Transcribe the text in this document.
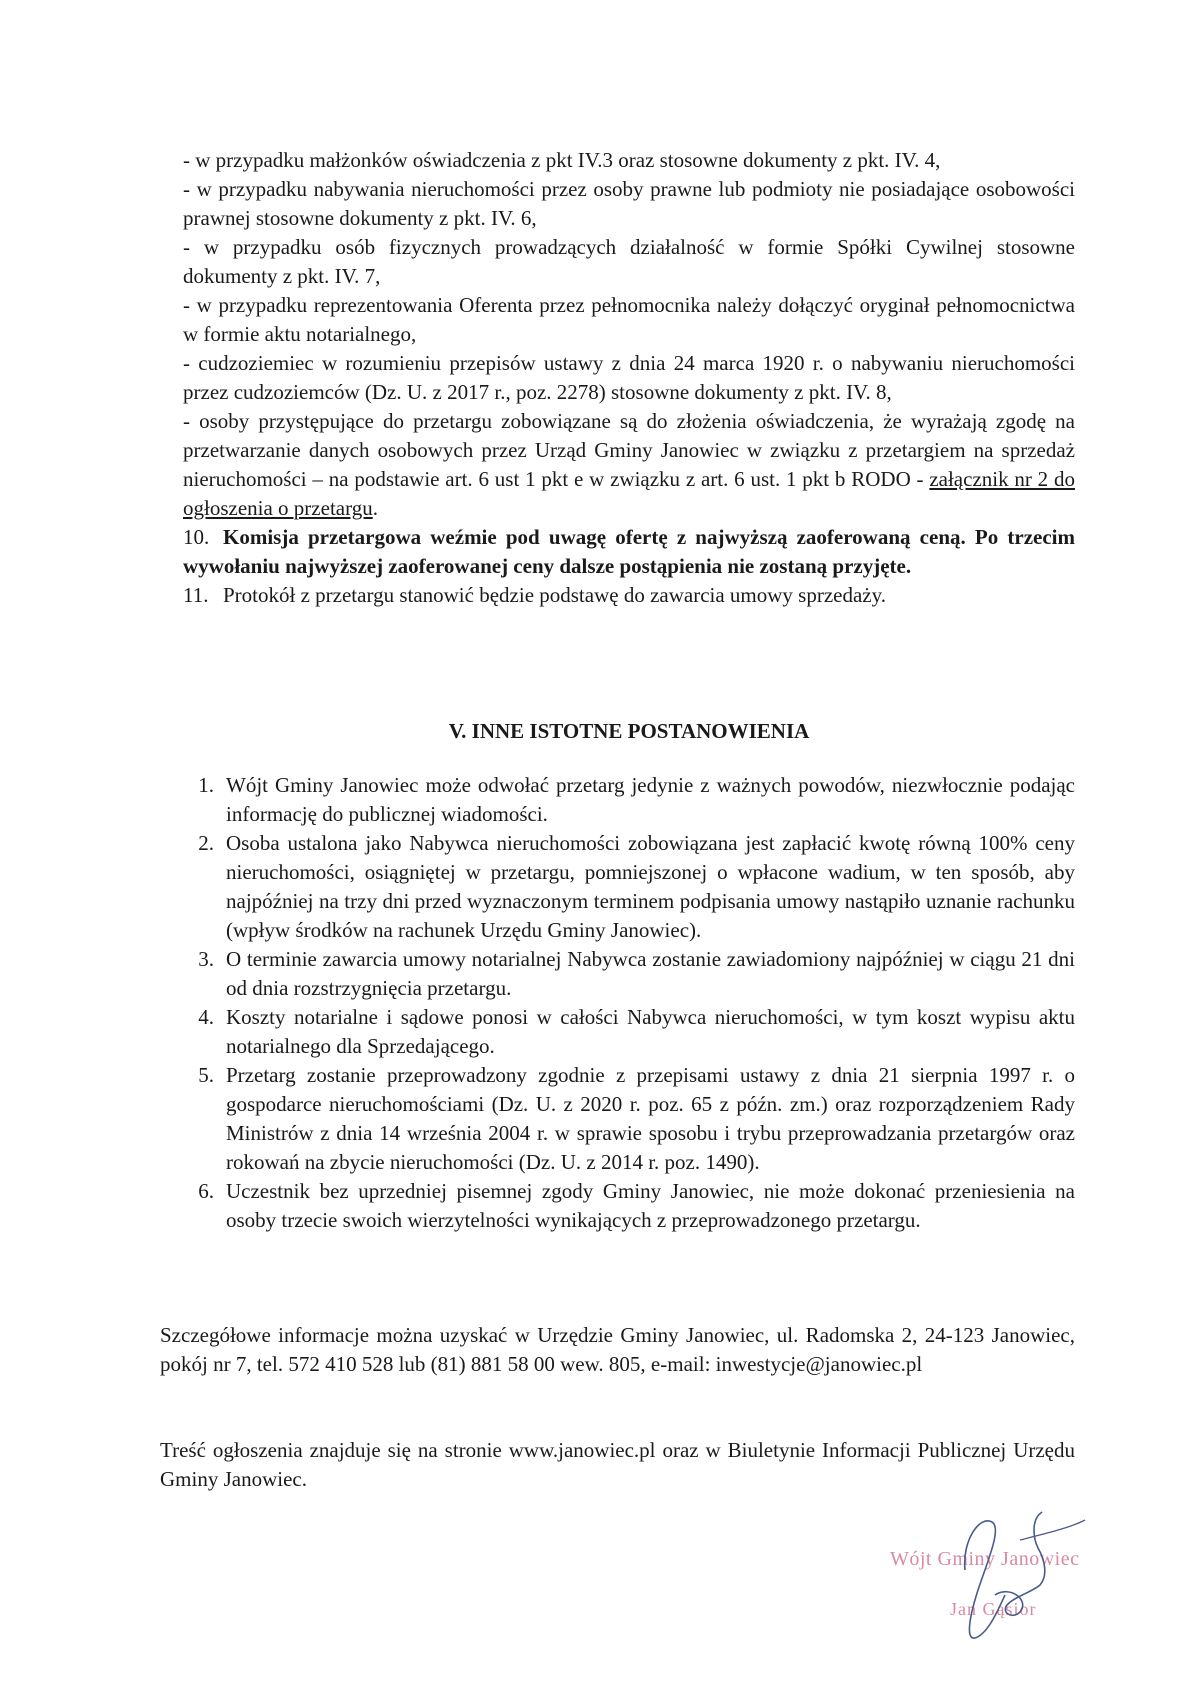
- w przypadku małżonków oświadczenia z pkt IV.3 oraz stosowne dokumenty z pkt. IV. 4,

- w przypadku nabywania nieruchomości przez osoby prawne lub podmioty nie posiadające osobowości prawnej stosowne dokumenty z pkt. IV. 6,

- w przypadku osób fizycznych prowadzących działalność w formie Spółki Cywilnej stosowne dokumenty z pkt. IV. 7,

- w przypadku reprezentowania Oferenta przez pełnomocnika należy dołączyć oryginał pełnomocnictwa w formie aktu notarialnego,

- cudzoziemiec w rozumieniu przepisów ustawy z dnia 24 marca 1920 r. o nabywaniu nieruchomości przez cudzoziemców (Dz. U. z 2017 r., poz. 2278) stosowne dokumenty z pkt. IV. 8,

- osoby przystępujące do przetargu zobowiązane są do złożenia oświadczenia, że wyrażają zgodę na przetwarzanie danych osobowych przez Urząd Gminy Janowiec w związku z przetargiem na sprzedaż nieruchomości – na podstawie art. 6 ust 1 pkt e w związku z art. 6 ust. 1 pkt b RODO - załącznik nr 2 do ogłoszenia o przetargu.

10. Komisja przetargowa weźmie pod uwagę ofertę z najwyższą zaoferowaną ceną. Po trzecim wywołaniu najwyższej zaoferowanej ceny dalsze postąpienia nie zostaną przyjęte.

11. Protokół z przetargu stanowić będzie podstawę do zawarcia umowy sprzedaży.

V. INNE ISTOTNE POSTANOWIENIA
1. Wójt Gminy Janowiec może odwołać przetarg jedynie z ważnych powodów, niezwłocznie podając informację do publicznej wiadomości.
2. Osoba ustalona jako Nabywca nieruchomości zobowiązana jest zapłacić kwotę równą 100% ceny nieruchomości, osiągniętej w przetargu, pomniejszonej o wpłacone wadium, w ten sposób, aby najpóźniej na trzy dni przed wyznaczonym terminem podpisania umowy nastąpiło uznanie rachunku (wpływ środków na rachunek Urzędu Gminy Janowiec).
3. O terminie zawarcia umowy notarialnej Nabywca zostanie zawiadomiony najpóźniej w ciągu 21 dni od dnia rozstrzygnięcia przetargu.
4. Koszty notarialne i sądowe ponosi w całości Nabywca nieruchomości, w tym koszt wypisu aktu notarialnego dla Sprzedającego.
5. Przetarg zostanie przeprowadzony zgodnie z przepisami ustawy z dnia 21 sierpnia 1997 r. o gospodarce nieruchomościami (Dz. U. z 2020 r. poz. 65 z późn. zm.) oraz rozporządzeniem Rady Ministrów z dnia 14 września 2004 r. w sprawie sposobu i trybu przeprowadzania przetargów oraz rokowań na zbycie nieruchomości (Dz. U. z 2014 r. poz. 1490).
6. Uczestnik bez uprzedniej pisemnej zgody Gminy Janowiec, nie może dokonać przeniesienia na osoby trzecie swoich wierzytelności wynikających z przeprowadzonego przetargu.

Szczegółowe informacje można uzyskać w Urzędzie Gminy Janowiec, ul. Radomska 2, 24-123 Janowiec, pokój nr 7, tel. 572 410 528 lub (81) 881 58 00 wew. 805, e-mail: inwestycje@janowiec.pl

Treść ogłoszenia znajduje się na stronie www.janowiec.pl oraz w Biuletynie Informacji Publicznej Urzędu Gminy Janowiec.

Wójt Gminy Janowiec
Jan Gąsior
